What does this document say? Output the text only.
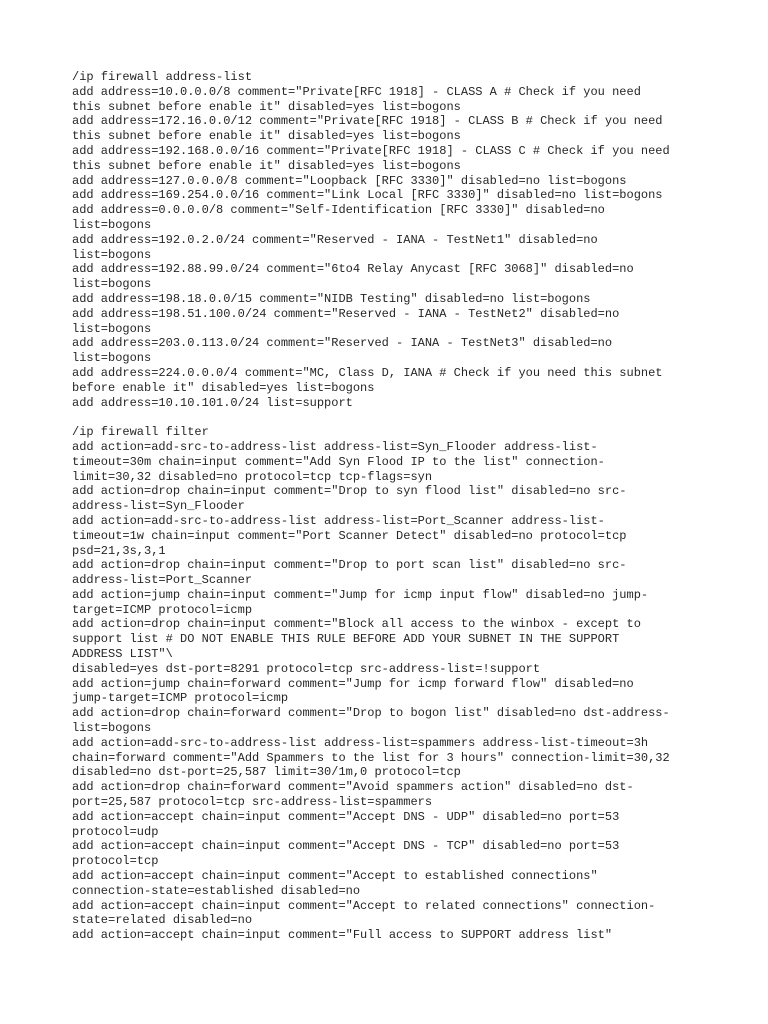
/ip firewall address-list
add address=10.0.0.0/8 comment="Private[RFC 1918] - CLASS A # Check if you need
this subnet before enable it" disabled=yes list=bogons
add address=172.16.0.0/12 comment="Private[RFC 1918] - CLASS B # Check if you need
this subnet before enable it" disabled=yes list=bogons
add address=192.168.0.0/16 comment="Private[RFC 1918] - CLASS C # Check if you need
this subnet before enable it" disabled=yes list=bogons
add address=127.0.0.0/8 comment="Loopback [RFC 3330]" disabled=no list=bogons
add address=169.254.0.0/16 comment="Link Local [RFC 3330]" disabled=no list=bogons
add address=0.0.0.0/8 comment="Self-Identification [RFC 3330]" disabled=no
list=bogons
add address=192.0.2.0/24 comment="Reserved - IANA - TestNet1" disabled=no
list=bogons
add address=192.88.99.0/24 comment="6to4 Relay Anycast [RFC 3068]" disabled=no
list=bogons
add address=198.18.0.0/15 comment="NIDB Testing" disabled=no list=bogons
add address=198.51.100.0/24 comment="Reserved - IANA - TestNet2" disabled=no
list=bogons
add address=203.0.113.0/24 comment="Reserved - IANA - TestNet3" disabled=no
list=bogons
add address=224.0.0.0/4 comment="MC, Class D, IANA # Check if you need this subnet
before enable it" disabled=yes list=bogons
add address=10.10.101.0/24 list=support
/ip firewall filter
add action=add-src-to-address-list address-list=Syn_Flooder address-list-
timeout=30m chain=input comment="Add Syn Flood IP to the list" connection-
limit=30,32 disabled=no protocol=tcp tcp-flags=syn
add action=drop chain=input comment="Drop to syn flood list" disabled=no src-
address-list=Syn_Flooder
add action=add-src-to-address-list address-list=Port_Scanner address-list-
timeout=1w chain=input comment="Port Scanner Detect" disabled=no protocol=tcp
psd=21,3s,3,1
add action=drop chain=input comment="Drop to port scan list" disabled=no src-
address-list=Port_Scanner
add action=jump chain=input comment="Jump for icmp input flow" disabled=no jump-
target=ICMP protocol=icmp
add action=drop chain=input comment="Block all access to the winbox - except to
support list # DO NOT ENABLE THIS RULE BEFORE ADD YOUR SUBNET IN THE SUPPORT
ADDRESS LIST"\
disabled=yes dst-port=8291 protocol=tcp src-address-list=!support
add action=jump chain=forward comment="Jump for icmp forward flow" disabled=no
jump-target=ICMP protocol=icmp
add action=drop chain=forward comment="Drop to bogon list" disabled=no dst-address-
list=bogons
add action=add-src-to-address-list address-list=spammers address-list-timeout=3h
chain=forward comment="Add Spammers to the list for 3 hours" connection-limit=30,32
disabled=no dst-port=25,587 limit=30/1m,0 protocol=tcp
add action=drop chain=forward comment="Avoid spammers action" disabled=no dst-
port=25,587 protocol=tcp src-address-list=spammers
add action=accept chain=input comment="Accept DNS - UDP" disabled=no port=53
protocol=udp
add action=accept chain=input comment="Accept DNS - TCP" disabled=no port=53
protocol=tcp
add action=accept chain=input comment="Accept to established connections"
connection-state=established disabled=no
add action=accept chain=input comment="Accept to related connections" connection-
state=related disabled=no
add action=accept chain=input comment="Full access to SUPPORT address list"
